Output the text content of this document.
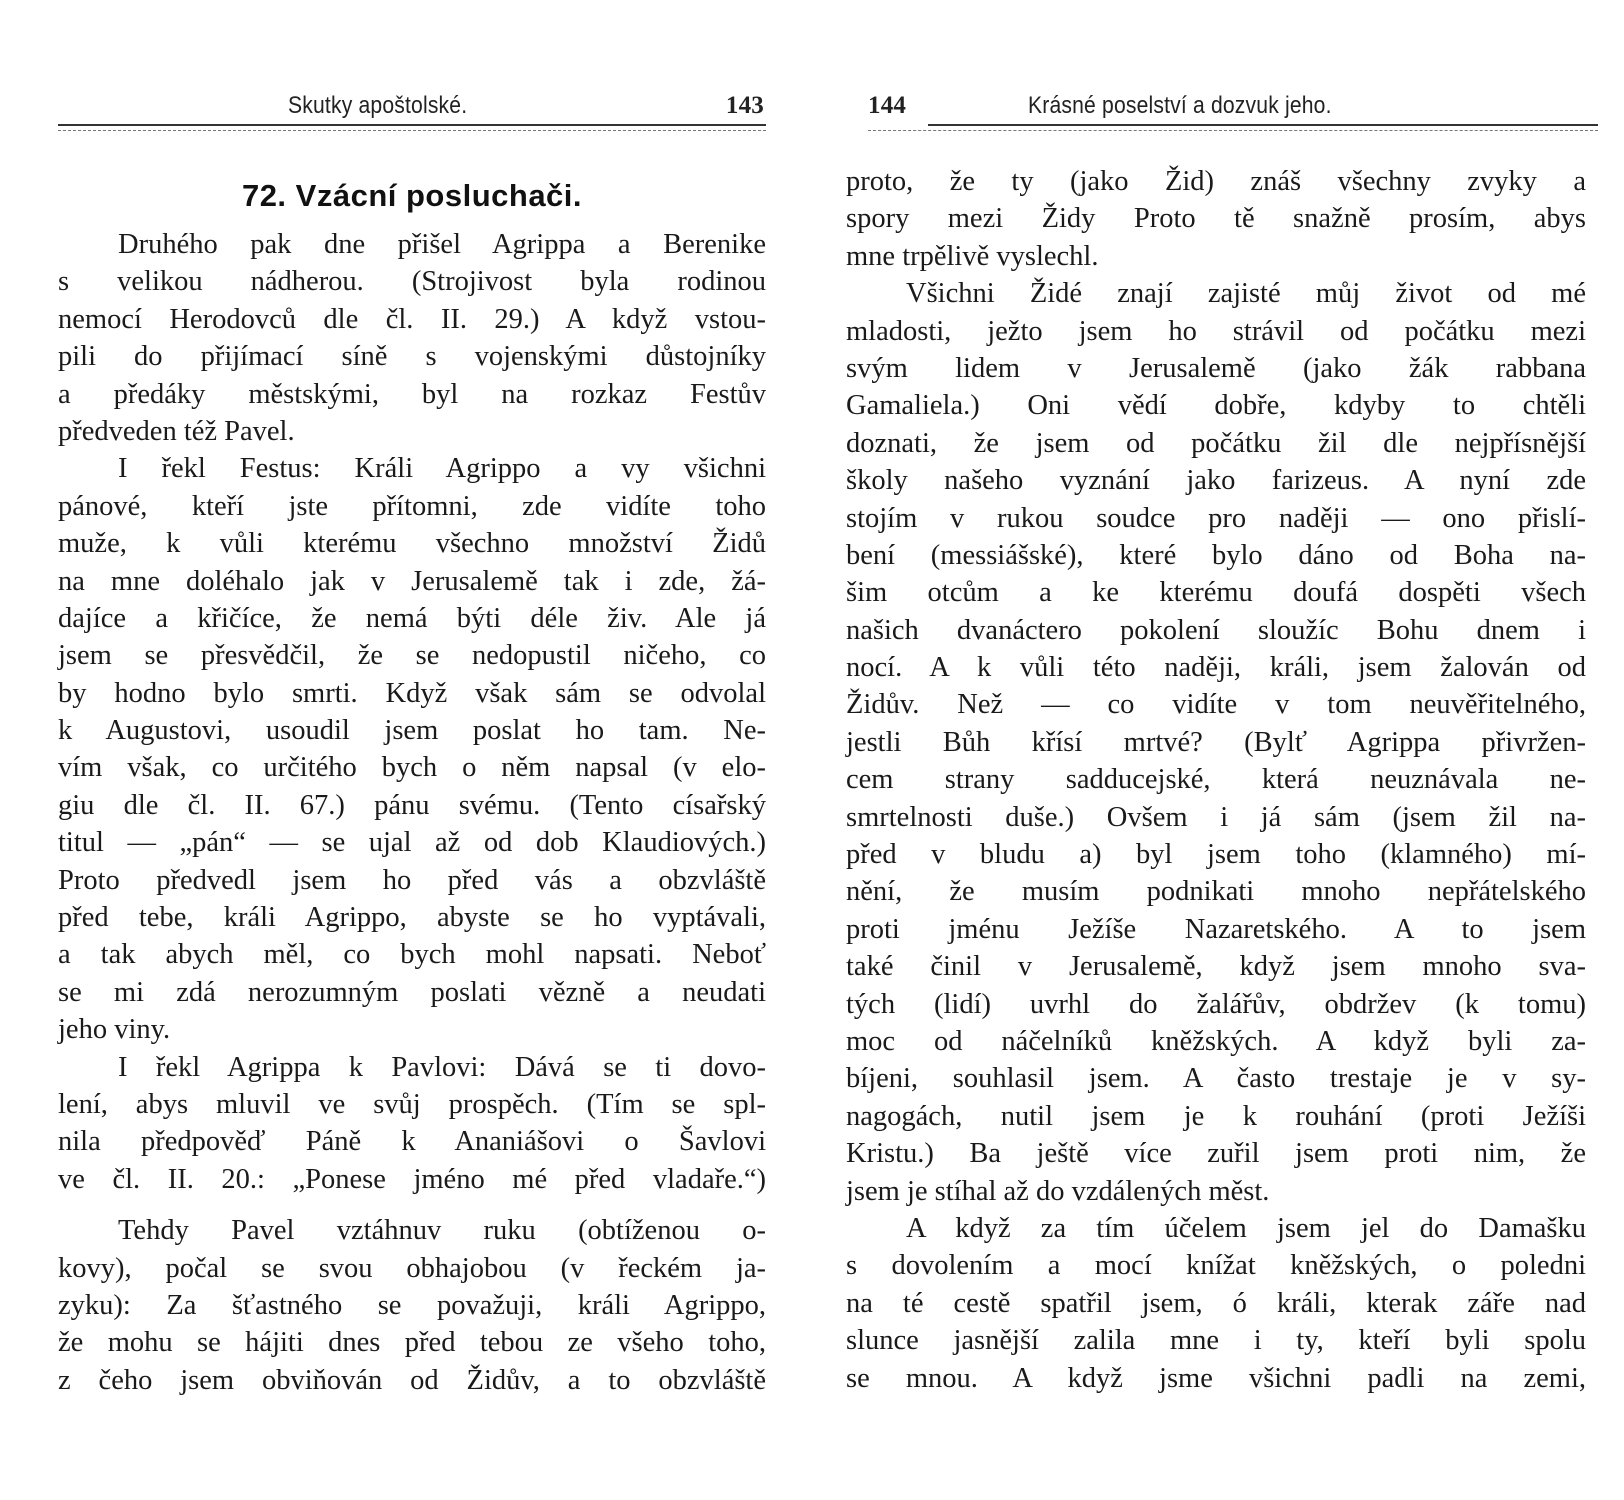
Skutky apoštolské.	143
72. Vzácní posluchači.
Druhého pak dne přišel Agrippa a Berenike
s velikou nádherou. (Strojivost byla rodinou
nemocí Herodovců dle čl. II. 29.) A když vstou-
pili do přijímací síně s vojenskými důstojníky
a předáky městskými, byl na rozkaz Festův
předveden též Pavel.
I řekl Festus: Králi Agrippo a vy všichni
pánové, kteří jste přítomni, zde vidíte toho
muže, k vůli kterému všechno množství Židů
na mne doléhalo jak v Jerusalemě tak i zde, žá-
dajíce a křičíce, že nemá býti déle živ. Ale já
jsem se přesvědčil, že se nedopustil ničeho, co
by hodno bylo smrti. Když však sám se odvolal
k Augustovi, usoudil jsem poslat ho tam. Ne-
vím však, co určitého bych o něm napsal (v elo-
giu dle čl. II. 67.) pánu svému. (Tento císařský
titul — „pán“ — se ujal až od dob Klaudiových.)
Proto předvedl jsem ho před vás a obzvláště
před tebe, králi Agrippo, abyste se ho vyptávali,
a tak abych měl, co bych mohl napsati. Neboť
se mi zdá nerozumným poslati vězně a neudati
jeho viny.
I řekl Agrippa k Pavlovi: Dává se ti dovo-
lení, abys mluvil ve svůj prospěch. (Tím se spl-
nila předpověď Páně k Ananiášovi o Šavlovi
ve čl. II. 20.: „Ponese jméno mé před vladaře.“)
Tehdy Pavel vztáhnuv ruku (obtíženou o-
kovy), počal se svou obhajobou (v řeckém ja-
zyku): Za šťastného se považuji, králi Agrippo,
že mohu se hájiti dnes před tebou ze všeho toho,
z čeho jsem obviňován od Židův, a to obzvláště
144	Krásné poselství a dozvuk jeho.
proto, že ty (jako Žid) znáš všechny zvyky a
spory mezi Židy Proto tě snažně prosím, abys
mne trpělivě vyslechl.
Všichni Židé znají zajisté můj život od mé
mladosti, ježto jsem ho strávil od počátku mezi
svým lidem v Jerusalemě (jako žák rabbana
Gamaliela.) Oni vědí dobře, kdyby to chtěli
doznati, že jsem od počátku žil dle nejpřísnější
školy našeho vyznání jako farizeus. A nyní zde
stojím v rukou soudce pro naději — ono přislí-
bení (messiášské), které bylo dáno od Boha na-
šim otcům a ke kterému doufá dospěti všech
našich dvanáctero pokolení sloužíc Bohu dnem i
nocí. A k vůli této naději, králi, jsem žalován od
Židův. Než — co vidíte v tom neuvěřitelného,
jestli Bůh křísí mrtvé? (Bylť Agrippa přivržen-
cem strany sadducejské, která neuznávala ne-
smrtelnosti duše.) Ovšem i já sám (jsem žil na-
před v bludu a) byl jsem toho (klamného) mí-
nění, že musím podnikati mnoho nepřátelského
proti jménu Ježíše Nazaretského. A to jsem
také činil v Jerusalemě, když jsem mnoho sva-
tých (lidí) uvrhl do žalářův, obdržev (k tomu)
moc od náčelníků kněžských. A když byli za-
bíjeni, souhlasil jsem. A často trestaje je v sy-
nagogách, nutil jsem je k rouhání (proti Ježíši
Kristu.) Ba ještě více zuřil jsem proti nim, že
jsem je stíhal až do vzdálených měst.
A když za tím účelem jsem jel do Damašku
s dovolením a mocí knížat kněžských, o poledni
na té cestě spatřil jsem, ó králi, kterak záře nad
slunce jasnější zalila mne i ty, kteří byli spolu
se mnou. A když jsme všichni padli na zemi,
